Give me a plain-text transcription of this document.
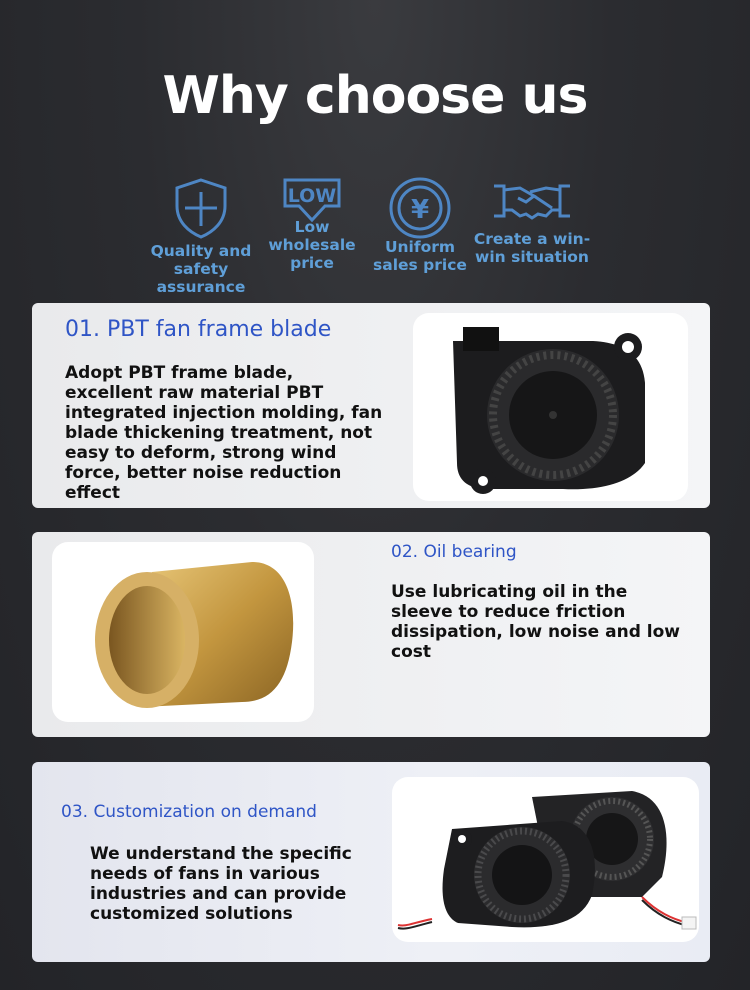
Why choose us
Quality and safety assurance
LOW
Low wholesale price
¥
Uniform sales price
Create a win-win situation
01. PBT fan frame blade
Adopt PBT frame blade, excellent raw material PBT integrated injection molding, fan blade thickening treatment, not easy to deform, strong wind force, better noise reduction effect
02. Oil bearing
Use lubricating oil in the sleeve to reduce friction dissipation, low noise and low cost
03. Customization on demand
We understand the specific needs of fans in various industries and can provide customized solutions
